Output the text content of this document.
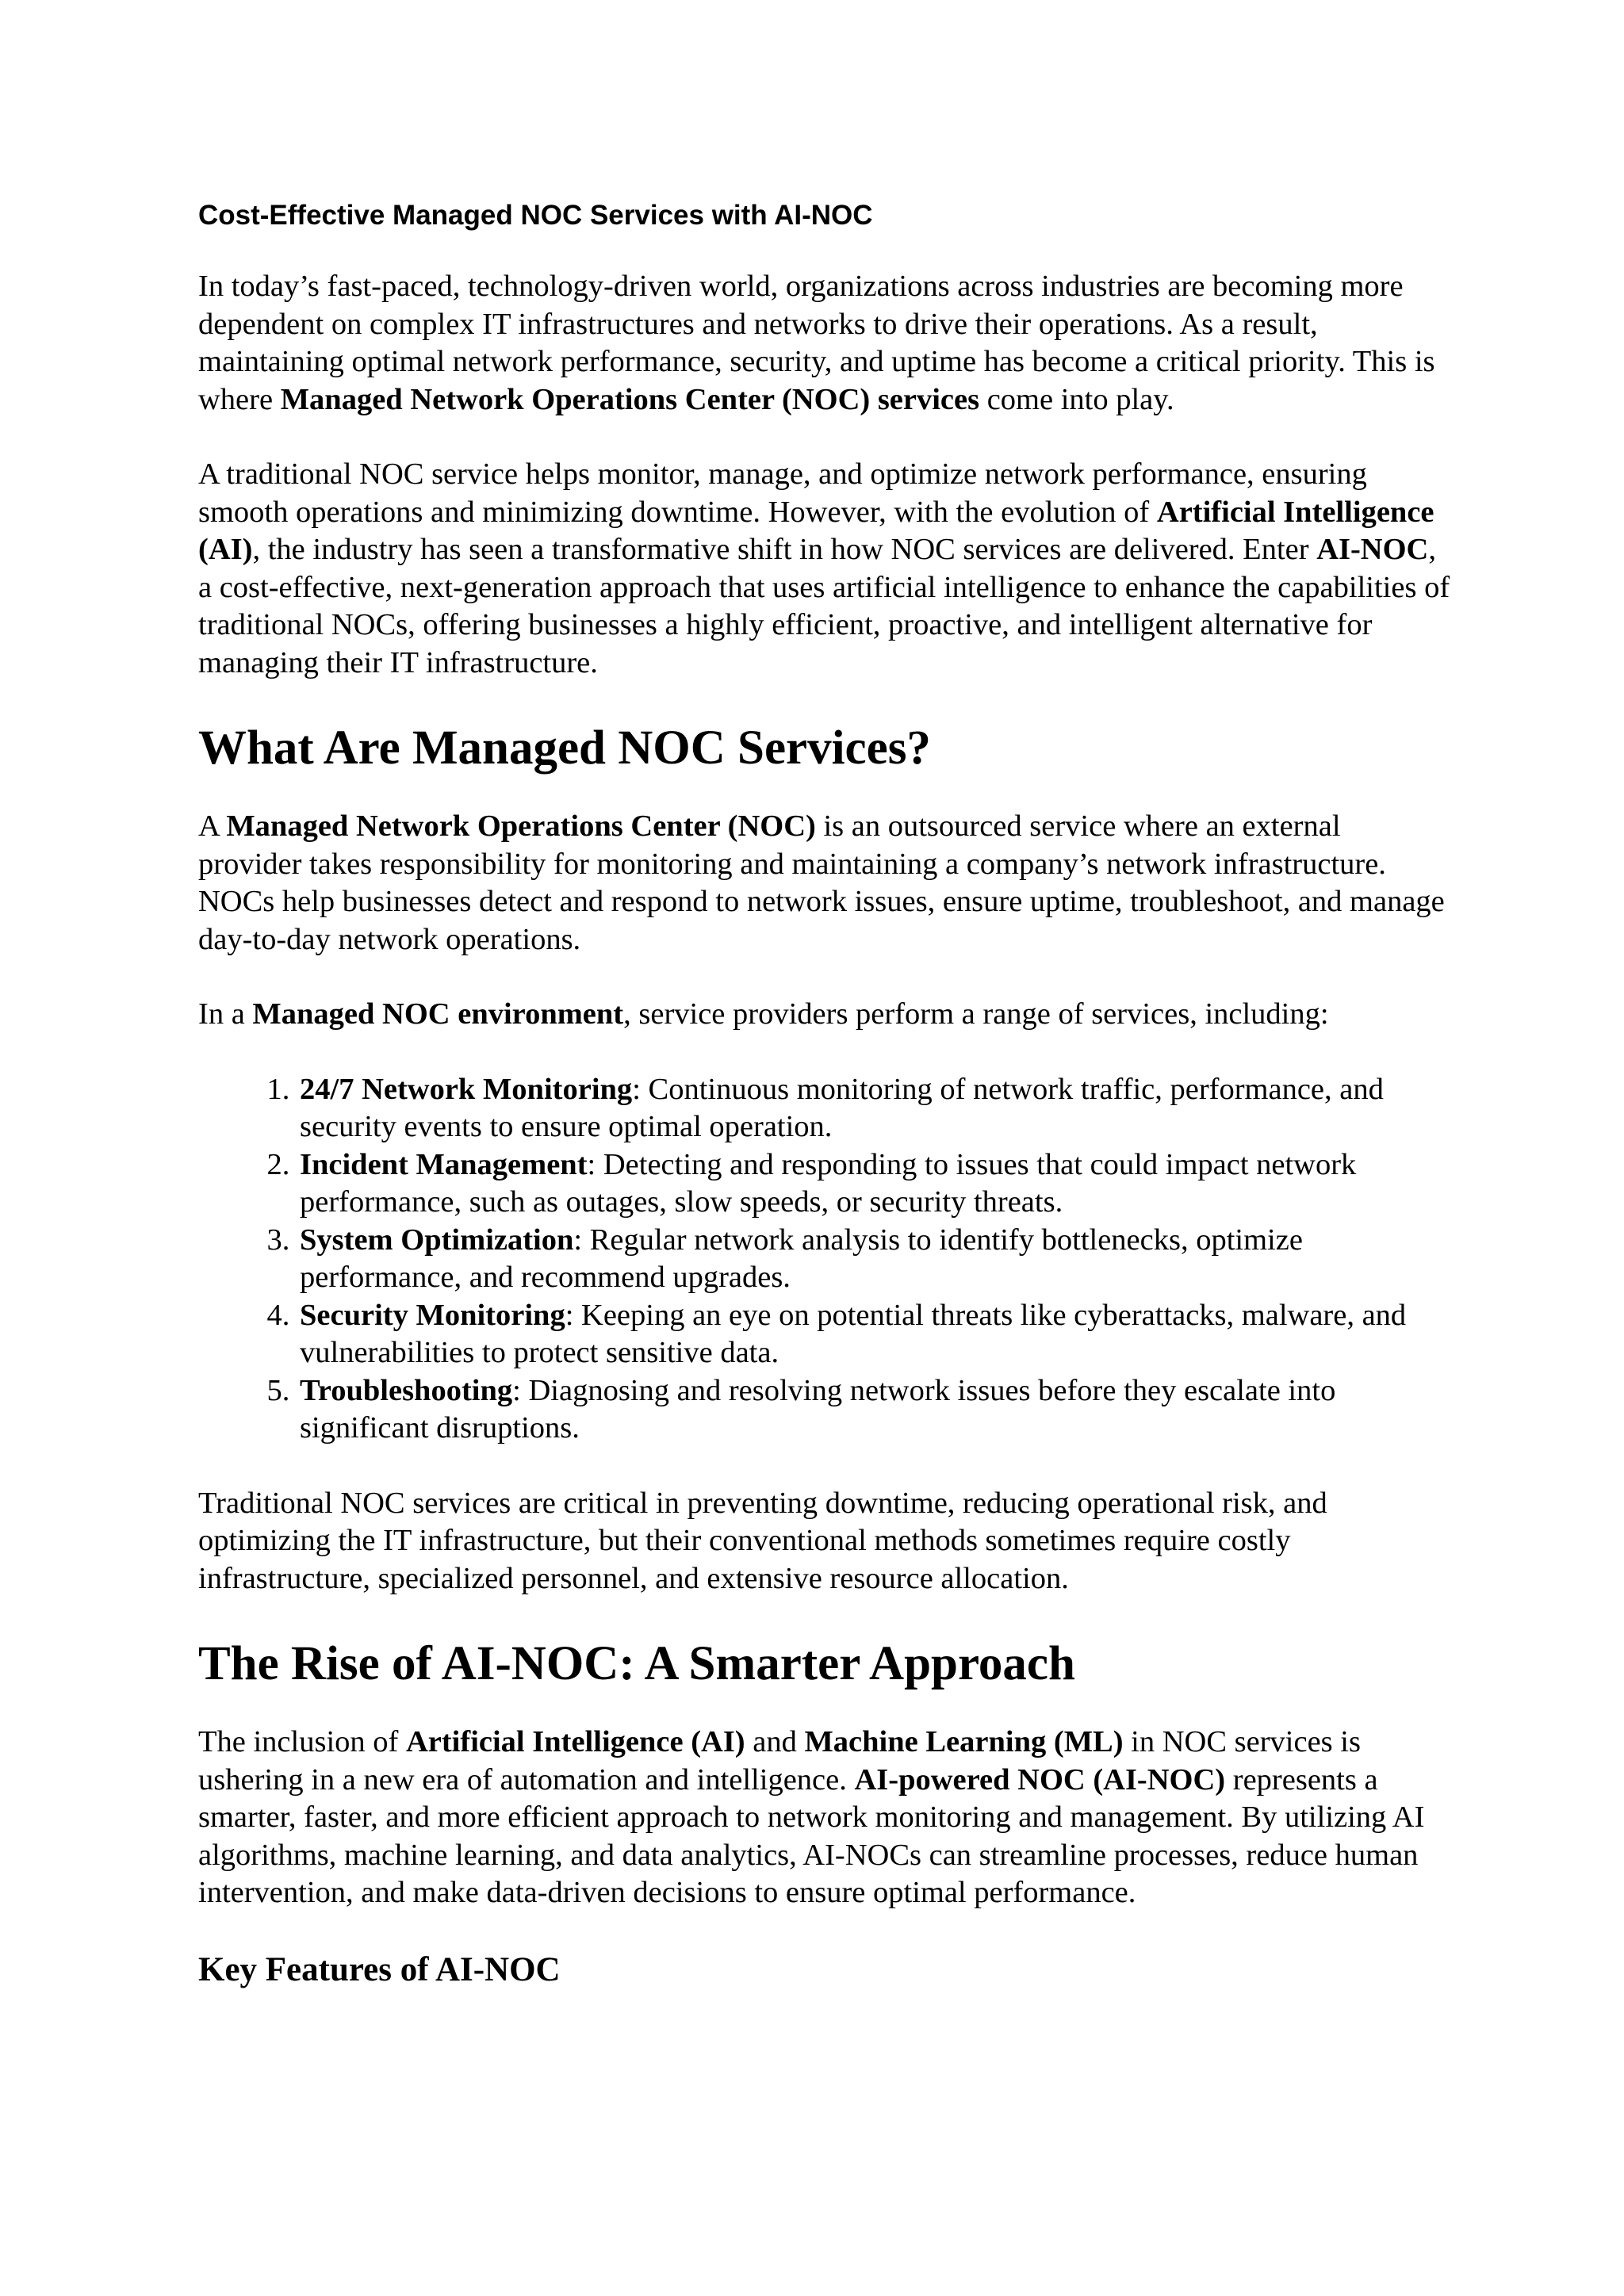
Cost-Effective Managed NOC Services with AI-NOC

In today’s fast-paced, technology-driven world, organizations across industries are becoming more dependent on complex IT infrastructures and networks to drive their operations. As a result, maintaining optimal network performance, security, and uptime has become a critical priority. This is where Managed Network Operations Center (NOC) services come into play.

A traditional NOC service helps monitor, manage, and optimize network performance, ensuring smooth operations and minimizing downtime. However, with the evolution of Artificial Intelligence (AI), the industry has seen a transformative shift in how NOC services are delivered. Enter AI-NOC, a cost-effective, next-generation approach that uses artificial intelligence to enhance the capabilities of traditional NOCs, offering businesses a highly efficient, proactive, and intelligent alternative for managing their IT infrastructure.

What Are Managed NOC Services?

A Managed Network Operations Center (NOC) is an outsourced service where an external provider takes responsibility for monitoring and maintaining a company’s network infrastructure. NOCs help businesses detect and respond to network issues, ensure uptime, troubleshoot, and manage day-to-day network operations.

In a Managed NOC environment, service providers perform a range of services, including:

1. 24/7 Network Monitoring: Continuous monitoring of network traffic, performance, and security events to ensure optimal operation.
2. Incident Management: Detecting and responding to issues that could impact network performance, such as outages, slow speeds, or security threats.
3. System Optimization: Regular network analysis to identify bottlenecks, optimize performance, and recommend upgrades.
4. Security Monitoring: Keeping an eye on potential threats like cyberattacks, malware, and vulnerabilities to protect sensitive data.
5. Troubleshooting: Diagnosing and resolving network issues before they escalate into significant disruptions.

Traditional NOC services are critical in preventing downtime, reducing operational risk, and optimizing the IT infrastructure, but their conventional methods sometimes require costly infrastructure, specialized personnel, and extensive resource allocation.

The Rise of AI-NOC: A Smarter Approach

The inclusion of Artificial Intelligence (AI) and Machine Learning (ML) in NOC services is ushering in a new era of automation and intelligence. AI-powered NOC (AI-NOC) represents a smarter, faster, and more efficient approach to network monitoring and management. By utilizing AI algorithms, machine learning, and data analytics, AI-NOCs can streamline processes, reduce human intervention, and make data-driven decisions to ensure optimal performance.

Key Features of AI-NOC
